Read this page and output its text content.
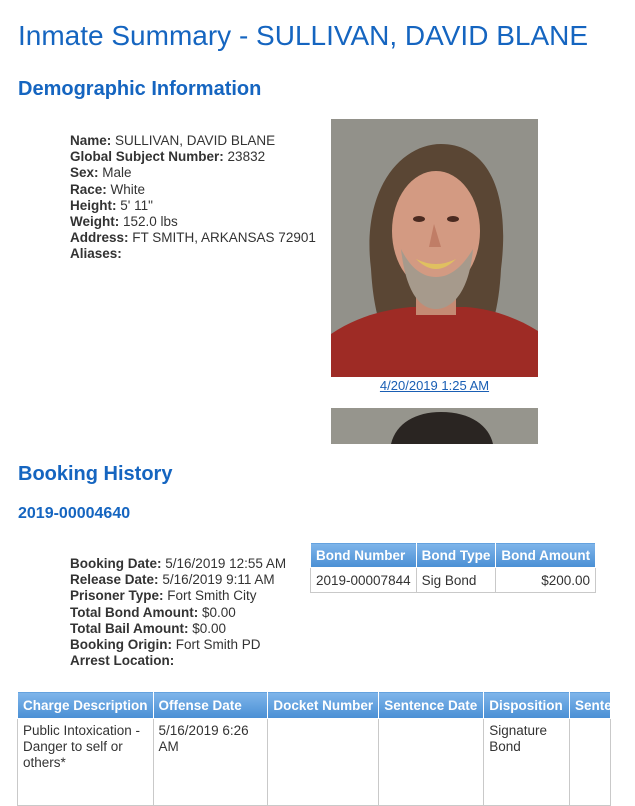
Inmate Summary - SULLIVAN, DAVID BLANE
Demographic Information
Name: SULLIVAN, DAVID BLANE
Global Subject Number: 23832
Sex: Male
Race: White
Height: 5' 11"
Weight: 152.0 lbs
Address: FT SMITH, ARKANSAS 72901
Aliases:
4/20/2019 1:25 AM
Booking History
2019-00004640
Booking Date: 5/16/2019 12:55 AM
Release Date: 5/16/2019 9:11 AM
Prisoner Type: Fort Smith City
Total Bond Amount: $0.00
Total Bail Amount: $0.00
Booking Origin: Fort Smith PD
Arrest Location:
Bond Number	Bond Type	Bond Amount
2019-00007844	Sig Bond	$200.00
Charge Description	Offense Date	Docket Number	Sentence Date	Disposition	Sentence
Public Intoxication - Danger to self or others*	5/16/2019 6:26 AM			Signature Bond	
